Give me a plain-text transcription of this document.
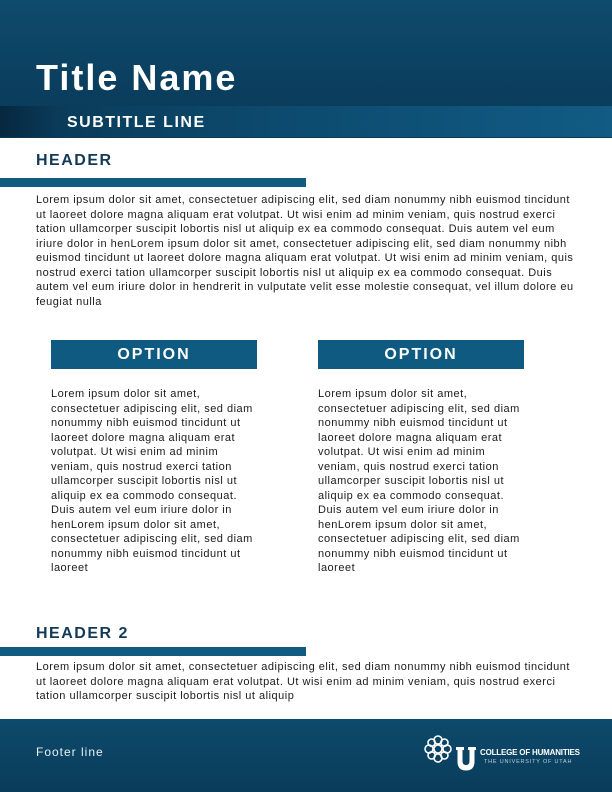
Title Name
SUBTITLE LINE
HEADER

Lorem ipsum dolor sit amet, consectetuer adipiscing elit, sed diam nonummy nibh euismod tincidunt ut laoreet dolore magna aliquam erat volutpat. Ut wisi enim ad minim veniam, quis nostrud exerci tation ullamcorper suscipit lobortis nisl ut aliquip ex ea commodo consequat. Duis autem vel eum iriure dolor in henLorem ipsum dolor sit amet, consectetuer adipiscing elit, sed diam nonummy nibh euismod tincidunt ut laoreet dolore magna aliquam erat volutpat. Ut wisi enim ad minim veniam, quis nostrud exerci tation ullamcorper suscipit lobortis nisl ut aliquip ex ea commodo consequat. Duis autem vel eum iriure dolor in hendrerit in vulputate velit esse molestie consequat, vel illum dolore eu feugiat nulla

OPTION

Lorem ipsum dolor sit amet, consectetuer adipiscing elit, sed diam nonummy nibh euismod tincidunt ut laoreet dolore magna aliquam erat volutpat. Ut wisi enim ad minim veniam, quis nostrud exerci tation ullamcorper suscipit lobortis nisl ut aliquip ex ea commodo consequat. Duis autem vel eum iriure dolor in henLorem ipsum dolor sit amet, consectetuer adipiscing elit, sed diam nonummy nibh euismod tincidunt ut laoreet

OPTION

Lorem ipsum dolor sit amet, consectetuer adipiscing elit, sed diam nonummy nibh euismod tincidunt ut laoreet dolore magna aliquam erat volutpat. Ut wisi enim ad minim veniam, quis nostrud exerci tation ullamcorper suscipit lobortis nisl ut aliquip ex ea commodo consequat. Duis autem vel eum iriure dolor in henLorem ipsum dolor sit amet, consectetuer adipiscing elit, sed diam nonummy nibh euismod tincidunt ut laoreet

HEADER 2

Lorem ipsum dolor sit amet, consectetuer adipiscing elit, sed diam nonummy nibh euismod tincidunt ut laoreet dolore magna aliquam erat volutpat. Ut wisi enim ad minim veniam, quis nostrud exerci tation ullamcorper suscipit lobortis nisl ut aliquip

Footer line	COLLEGE OF HUMANITIES
THE UNIVERSITY OF UTAH
